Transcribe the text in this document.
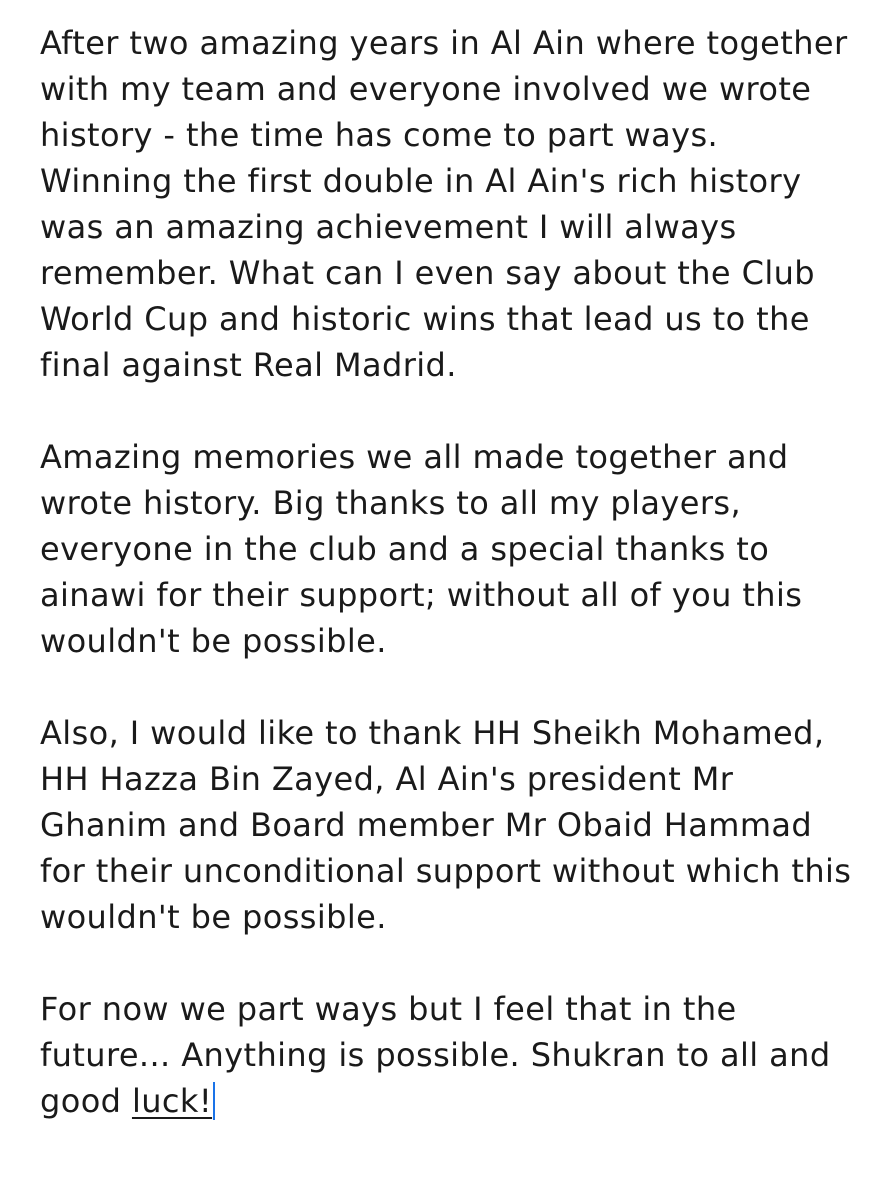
After two amazing years in Al Ain where together with my team and everyone involved we wrote history - the time has come to part ways. Winning the first double in Al Ain's rich history was an amazing achievement I will always remember. What can I even say about the Club World Cup and historic wins that lead us to the final against Real Madrid.

Amazing memories we all made together and wrote history. Big thanks to all my players, everyone in the club and a special thanks to ainawi for their support; without all of you this wouldn't be possible.

Also, I would like to thank HH Sheikh Mohamed, HH Hazza Bin Zayed, Al Ain's president Mr Ghanim and Board member Mr Obaid Hammad for their unconditional support without which this wouldn't be possible.

For now we part ways but I feel that in the future... Anything is possible. Shukran to all and good luck!
